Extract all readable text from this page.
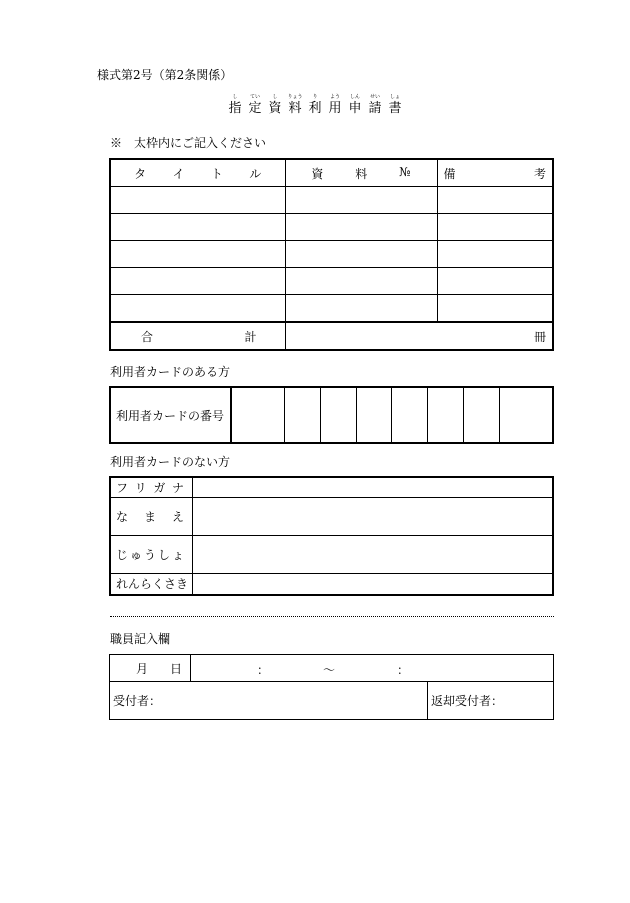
様式第2号（第2条関係）
し
指
てい
定
し
資
りょう
料
り
利
よう
用
しん
申
せい
請
しょ
書
※　太枠内にご記入ください
タ イ ト ル	資 料 №	備 考

合 計	冊	
利用者カードのある方
利用者カードの番号								
利用者カードのない方
フ リ ガ ナ	

な ま え	

じ ゅ う し ょ	

れんらくさき	
職員記入欄
月 日	： 〜 ：	

受付者：		返却受付者：
